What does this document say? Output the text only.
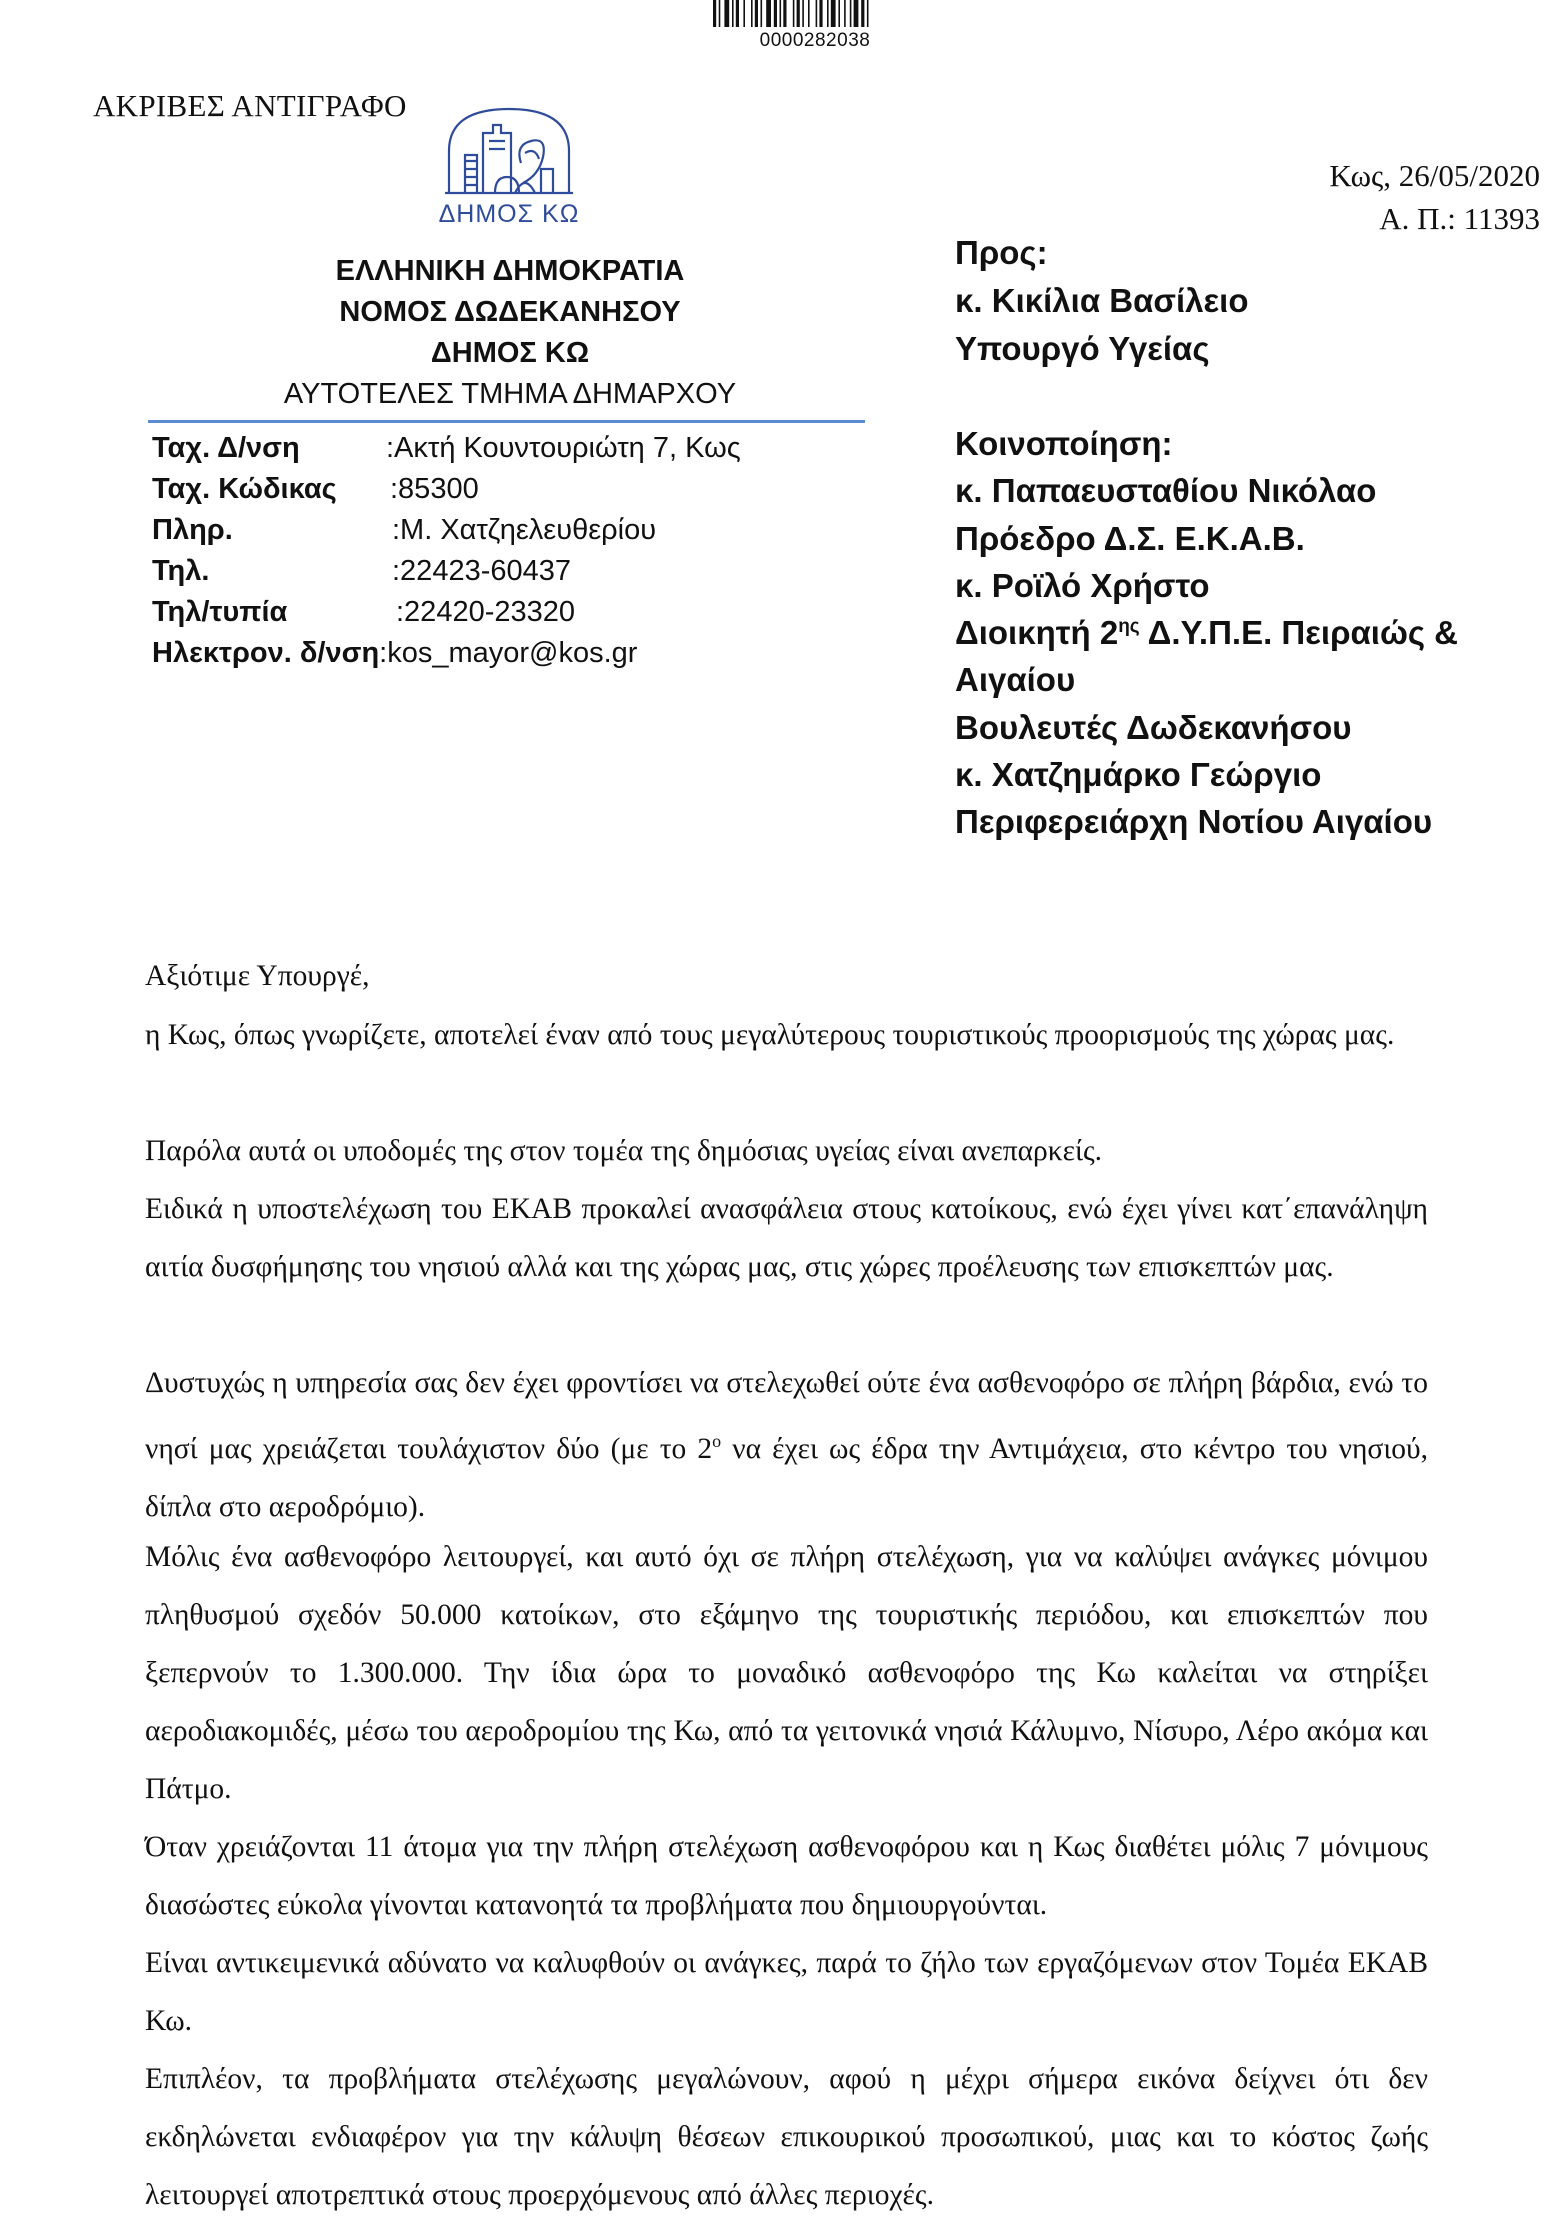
0000282038
ΑΚΡΙΒΕΣ ΑΝΤΙΓΡΑΦΟ
ΔΗΜΟΣ ΚΩ
ΕΛΛΗΝΙΚΗ ΔΗΜΟΚΡΑΤΙΑ
ΝΟΜΟΣ ΔΩΔΕΚΑΝΗΣΟΥ
ΔΗΜΟΣ ΚΩ
ΑΥΤΟΤΕΛΕΣ ΤΜΗΜΑ ΔΗΜΑΡΧΟΥ
Ταχ. Δ/νση	:Ακτή Κουντουριώτη 7, Κως
Ταχ. Κώδικας :85300
Πληρ.	:Μ. Χατζηελευθερίου
Τηλ.	:22423-60437
Τηλ/τυπία	:22420-23320
Ηλεκτρον. δ/νση:kos_mayor@kos.gr
Κως, 26/05/2020
Α. Π.: 11393
Προς:
κ. Κικίλια Βασίλειο
Υπουργό Υγείας
Κοινοποίηση:
κ. Παπαευσταθίου Νικόλαο
Πρόεδρο Δ.Σ. Ε.Κ.Α.Β.
κ. Ροϊλό Χρήστο
Διοικητή $2^{\eta\varsigma}$ Δ.Υ.Π.Ε. Πειραιώς &
Αιγαίου
Βουλευτές Δωδεκανήσου
κ. Χατζημάρκο Γεώργιο
Περιφερειάρχη Νοτίου Αιγαίου
Αξιότιμε Υπουργέ,
η Κως, όπως γνωρίζετε, αποτελεί έναν από τους μεγαλύτερους τουριστικούς προορισμούς της χώρας μας.
Παρόλα αυτά οι υποδομές της στον τομέα της δημόσιας υγείας είναι ανεπαρκείς.
Ειδικά η υποστελέχωση του ΕΚΑΒ προκαλεί ανασφάλεια στους κατοίκους, ενώ έχει γίνει κατ΄επανάληψη αιτία δυσφήμησης του νησιού αλλά και της χώρας μας, στις χώρες προέλευσης των επισκεπτών μας.
Δυστυχώς η υπηρεσία σας δεν έχει φροντίσει να στελεχωθεί ούτε ένα ασθενοφόρο σε πλήρη βάρδια, ενώ το νησί μας χρειάζεται τουλάχιστον δύο (με το $2^o$ να έχει ως έδρα την Αντιμάχεια, στο κέντρο του νησιού, δίπλα στο αεροδρόμιο).
Μόλις ένα ασθενοφόρο λειτουργεί, και αυτό όχι σε πλήρη στελέχωση, για να καλύψει ανάγκες μόνιμου πληθυσμού σχεδόν 50.000 κατοίκων, στο εξάμηνο της τουριστικής περιόδου, και επισκεπτών που ξεπερνούν το 1.300.000. Την ίδια ώρα το μοναδικό ασθενοφόρο της Κω καλείται να στηρίξει αεροδιακομιδές, μέσω του αεροδρομίου της Κω, από τα γειτονικά νησιά Κάλυμνο, Νίσυρο, Λέρο ακόμα και Πάτμο.
Όταν χρειάζονται 11 άτομα για την πλήρη στελέχωση ασθενοφόρου και η Κως διαθέτει μόλις 7 μόνιμους διασώστες εύκολα γίνονται κατανοητά τα προβλήματα που δημιουργούνται.
Είναι αντικειμενικά αδύνατο να καλυφθούν οι ανάγκες, παρά το ζήλο των εργαζόμενων στον Τομέα ΕΚΑΒ Κω.
Επιπλέον, τα προβλήματα στελέχωσης μεγαλώνουν, αφού η μέχρι σήμερα εικόνα δείχνει ότι δεν εκδηλώνεται ενδιαφέρον για την κάλυψη θέσεων επικουρικού προσωπικού, μιας και το κόστος ζωής λειτουργεί αποτρεπτικά στους προερχόμενους από άλλες περιοχές.
